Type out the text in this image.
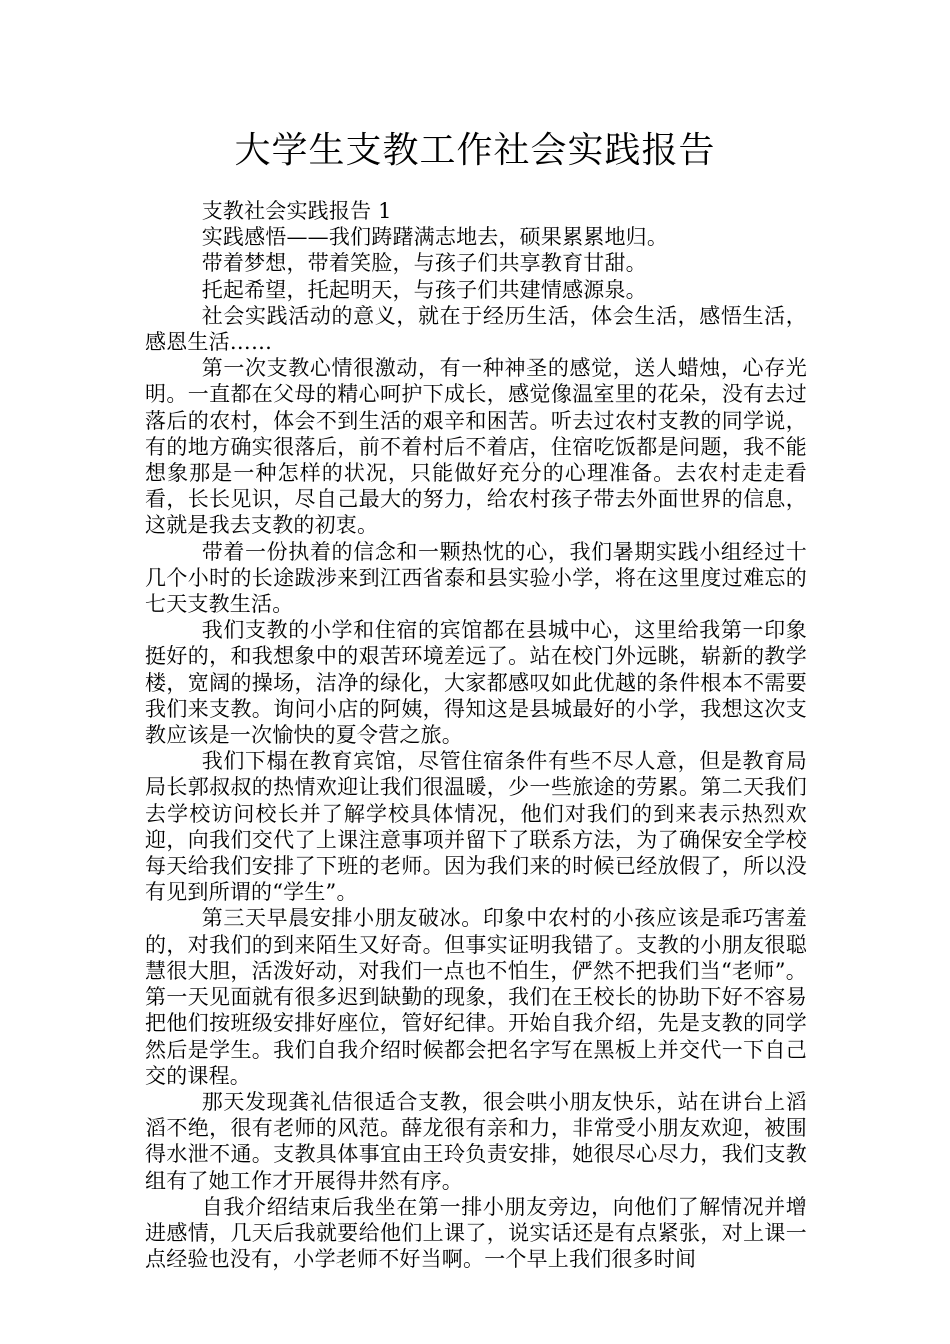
大学生支教工作社会实践报告

支教社会实践报告 1

实践感悟——我们踌躇满志地去，硕果累累地归。

带着梦想，带着笑脸，与孩子们共享教育甘甜。

托起希望，托起明天，与孩子们共建情感源泉。

社会实践活动的意义，就在于经历生活，体会生活，感悟生活，感恩生活……

第一次支教心情很激动，有一种神圣的感觉，送人蜡烛，心存光明。一直都在父母的精心呵护下成长，感觉像温室里的花朵，没有去过落后的农村，体会不到生活的艰辛和困苦。听去过农村支教的同学说，有的地方确实很落后，前不着村后不着店，住宿吃饭都是问题，我不能想象那是一种怎样的状况，只能做好充分的心理准备。去农村走走看看，长长见识，尽自己最大的努力，给农村孩子带去外面世界的信息，这就是我去支教的初衷。

带着一份执着的信念和一颗热忱的心，我们暑期实践小组经过十几个小时的长途跋涉来到江西省泰和县实验小学，将在这里度过难忘的七天支教生活。

我们支教的小学和住宿的宾馆都在县城中心，这里给我第一印象挺好的，和我想象中的艰苦环境差远了。站在校门外远眺，崭新的教学楼，宽阔的操场，洁净的绿化，大家都感叹如此优越的条件根本不需要我们来支教。询问小店的阿姨，得知这是县城最好的小学，我想这次支教应该是一次愉快的夏令营之旅。

我们下榻在教育宾馆，尽管住宿条件有些不尽人意，但是教育局局长郭叔叔的热情欢迎让我们很温暖，少一些旅途的劳累。第二天我们去学校访问校长并了解学校具体情况，他们对我们的到来表示热烈欢迎，向我们交代了上课注意事项并留下了联系方法，为了确保安全学校每天给我们安排了下班的老师。因为我们来的时候已经放假了，所以没有见到所谓的“学生”。

第三天早晨安排小朋友破冰。印象中农村的小孩应该是乖巧害羞的，对我们的到来陌生又好奇。但事实证明我错了。支教的小朋友很聪慧很大胆，活泼好动，对我们一点也不怕生，俨然不把我们当“老师”。第一天见面就有很多迟到缺勤的现象，我们在王校长的协助下好不容易把他们按班级安排好座位，管好纪律。开始自我介绍，先是支教的同学然后是学生。我们自我介绍时候都会把名字写在黑板上并交代一下自己交的课程。

那天发现龚礼佶很适合支教，很会哄小朋友快乐，站在讲台上滔滔不绝，很有老师的风范。薛龙很有亲和力，非常受小朋友欢迎，被围得水泄不通。支教具体事宜由王玲负责安排，她很尽心尽力，我们支教组有了她工作才开展得井然有序。

自我介绍结束后我坐在第一排小朋友旁边，向他们了解情况并增进感情，几天后我就要给他们上课了，说实话还是有点紧张，对上课一点经验也没有，小学老师不好当啊。一个早上我们很多时间
